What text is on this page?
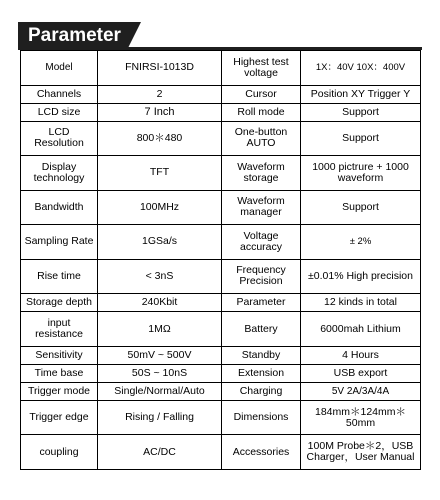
Parameter
Model	FNIRSI-1013D	Highest test voltage	1X：40V 10X：400V
Channels	2	Cursor	Position XY Trigger Y
LCD size	7 Inch	Roll mode	Support
LCD Resolution	800＊480	One-button AUTO	Support
Display technology	TFT	Waveform storage	1000 pictrure + 1000 waveform
Bandwidth	100MHz	Waveform manager	Support
Sampling Rate	1GSa/s	Voltage accuracy	± 2%
Rise time	< 3nS	Frequency Precision	±0.01% High precision
Storage depth	240Kbit	Parameter	12 kinds in total
input resistance	1MΩ	Battery	6000mah Lithium
Sensitivity	50mV ~ 500V	Standby	4 Hours
Time base	50S ~ 10nS	Extension	USB export
Trigger mode	Single/Normal/Auto	Charging	5V 2A/3A/4A
Trigger edge	Rising / Falling	Dimensions	184mm＊124mm＊50mm
coupling	AC/DC	Accessories	100M Probe＊2，USB Charger，User Manual
